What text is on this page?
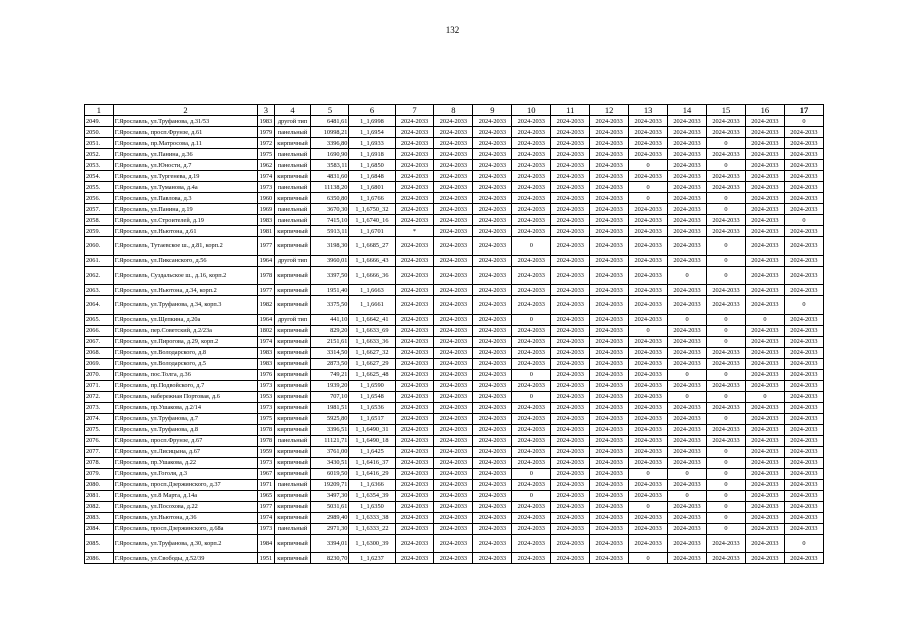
132
1	2	3	4	5	6	7	8	9	10	11	12	13	14	15	16	17
2049.	Г.Ярославль, ул.Труфанова, д.31/53	1983	другой тип	6481,61	1_1,6998	2024-2033	2024-2033	2024-2033	2024-2033	2024-2033	2024-2033	2024-2033	2024-2033	2024-2033	2024-2033	0
2050.	Г.Ярославль, просп.Фрунзе, д.61	1979	панельный	10998,21	1_1,6954	2024-2033	2024-2033	2024-2033	2024-2033	2024-2033	2024-2033	2024-2033	2024-2033	2024-2033	2024-2033	2024-2033
2051.	Г.Ярославль, пр.Матросова, д.11	1972	кирпичный	3396,80	1_1,6933	2024-2033	2024-2033	2024-2033	2024-2033	2024-2033	2024-2033	2024-2033	2024-2033	0	2024-2033	2024-2033
2052.	Г.Ярославль, ул.Панина, д.36	1975	панельный	1690,90	1_1,6918	2024-2033	2024-2033	2024-2033	2024-2033	2024-2033	2024-2033	2024-2033	2024-2033	2024-2033	2024-2033	2024-2033
2053.	Г.Ярославль, ул.Юности, д.7	1962	панельный	3583,11	1_1,6850	2024-2033	2024-2033	2024-2033	2024-2033	2024-2033	2024-2033	0	2024-2033	0	2024-2033	2024-2033
2054.	Г.Ярославль, ул.Тургенева, д.19	1974	кирпичный	4831,60	1_1,6848	2024-2033	2024-2033	2024-2033	2024-2033	2024-2033	2024-2033	2024-2033	2024-2033	2024-2033	2024-2033	2024-2033
2055.	Г.Ярославль, ул.Туманова, д.4а	1973	панельный	11138,20	1_1,6801	2024-2033	2024-2033	2024-2033	2024-2033	2024-2033	2024-2033	0	2024-2033	2024-2033	2024-2033	2024-2033
2056.	Г.Ярославль, ул.Павлова, д.3	1960	кирпичный	6350,80	1_1,6766	2024-2033	2024-2033	2024-2033	2024-2033	2024-2033	2024-2033	0	2024-2033	0	2024-2033	2024-2033
2057.	Г.Ярославль, ул.Панина, д.19	1969	панельный	3670,30	1_1,6750_32	2024-2033	2024-2033	2024-2033	2024-2033	2024-2033	2024-2033	2024-2033	2024-2033	0	2024-2033	2024-2033
2058.	Г.Ярославль, ул.Строителей, д.19	1983	панельный	7415,10	1_1,6740_16	2024-2033	2024-2033	2024-2033	2024-2033	2024-2033	2024-2033	2024-2033	2024-2033	2024-2033	2024-2033	0
2059.	Г.Ярославль, ул.Ньютона, д.61	1981	кирпичный	5913,11	1_1,6701	*	2024-2033	2024-2033	2024-2033	2024-2033	2024-2033	2024-2033	2024-2033	2024-2033	2024-2033	2024-2033
2060.	Г.Ярославль, Тутаевское ш., д.81, корп.2	1977	кирпичный	3198,30	1_1,6685_27	2024-2033	2024-2033	2024-2033	0	2024-2033	2024-2033	2024-2033	2024-2033	0	2024-2033	2024-2033
2061.	Г.Ярославль, ул.Пиксанского, д.56	1964	другой тип	3960,01	1_1,6666_43	2024-2033	2024-2033	2024-2033	2024-2033	2024-2033	2024-2033	2024-2033	2024-2033	0	2024-2033	2024-2033
2062.	Г.Ярославль, Суздальское ш., д.16, корп.2	1978	кирпичный	3397,50	1_1,6666_36	2024-2033	2024-2033	2024-2033	2024-2033	2024-2033	2024-2033	2024-2033	0	0	2024-2033	2024-2033
2063.	Г.Ярославль, ул.Ньютона, д.34, корп.2	1977	кирпичный	1951,40	1_1,6663	2024-2033	2024-2033	2024-2033	2024-2033	2024-2033	2024-2033	2024-2033	2024-2033	2024-2033	2024-2033	2024-2033
2064.	Г.Ярославль, ул.Труфанова, д.34, корп.3	1982	кирпичный	3375,50	1_1,6661	2024-2033	2024-2033	2024-2033	2024-2033	2024-2033	2024-2033	2024-2033	2024-2033	2024-2033	2024-2033	0
2065.	Г.Ярославль, ул.Щепкина, д.20а	1964	другой тип	441,10	1_1,6642_41	2024-2033	2024-2033	2024-2033	0	2024-2033	2024-2033	2024-2033	0	0	0	2024-2033
2066.	Г.Ярославль, пер.Советский, д.2/23а	1802	кирпичный	829,20	1_1,6633_69	2024-2033	2024-2033	2024-2033	2024-2033	2024-2033	2024-2033	0	2024-2033	0	2024-2033	2024-2033
2067.	Г.Ярославль, ул.Пирогова, д.29, корп.2	1974	кирпичный	2151,61	1_1,6633_36	2024-2033	2024-2033	2024-2033	2024-2033	2024-2033	2024-2033	2024-2033	2024-2033	0	2024-2033	2024-2033
2068.	Г.Ярославль, ул.Володарского, д.8	1983	кирпичный	3314,50	1_1,6627_32	2024-2033	2024-2033	2024-2033	2024-2033	2024-2033	2024-2033	2024-2033	2024-2033	2024-2033	2024-2033	2024-2033
2069.	Г.Ярославль, ул.Володарского, д.5	1983	кирпичный	2873,50	1_1,6627_29	2024-2033	2024-2033	2024-2033	2024-2033	2024-2033	2024-2033	2024-2033	2024-2033	2024-2033	2024-2033	2024-2033
2070.	Г.Ярославль, пос.Толга, д.36	1976	кирпичный	749,21	1_1,6625_48	2024-2033	2024-2033	2024-2033	0	2024-2033	2024-2033	2024-2033	0	0	2024-2033	2024-2033
2071.	Г.Ярославль, пр.Подвойского, д.7	1973	кирпичный	1939,20	1_1,6590	2024-2033	2024-2033	2024-2033	2024-2033	2024-2033	2024-2033	2024-2033	2024-2033	2024-2033	2024-2033	2024-2033
2072.	Г.Ярославль, набережная Портовая, д.6	1953	кирпичный	707,10	1_1,6548	2024-2033	2024-2033	2024-2033	0	2024-2033	2024-2033	2024-2033	0	0	0	2024-2033
2073.	Г.Ярославль, пр.Ушакова, д.2/14	1973	кирпичный	1981,51	1_1,6536	2024-2033	2024-2033	2024-2033	2024-2033	2024-2033	2024-2033	2024-2033	2024-2033	2024-2033	2024-2033	2024-2033
2074.	Г.Ярославль, ул.Труфанова, д.7	1975	кирпичный	5925,80	1_1,6517	2024-2033	2024-2033	2024-2033	2024-2033	2024-2033	2024-2033	2024-2033	2024-2033	0	2024-2033	2024-2033
2075.	Г.Ярославль, ул.Труфанова, д.8	1978	кирпичный	3396,51	1_1,6490_31	2024-2033	2024-2033	2024-2033	2024-2033	2024-2033	2024-2033	2024-2033	2024-2033	2024-2033	2024-2033	2024-2033
2076.	Г.Ярославль, просп.Фрунзе, д.67	1978	панельный	11121,71	1_1,6490_18	2024-2033	2024-2033	2024-2033	2024-2033	2024-2033	2024-2033	2024-2033	2024-2033	2024-2033	2024-2033	2024-2033
2077.	Г.Ярославль, ул.Лисицына, д.67	1959	кирпичный	3761,00	1_1,6425	2024-2033	2024-2033	2024-2033	2024-2033	2024-2033	2024-2033	2024-2033	2024-2033	0	2024-2033	2024-2033
2078.	Г.Ярославль, пр.Ушакова, д.22	1973	кирпичный	3430,51	1_1,6416_37	2024-2033	2024-2033	2024-2033	2024-2033	2024-2033	2024-2033	2024-2033	2024-2033	0	2024-2033	2024-2033
2079.	Г.Ярославль, ул.Гоголя, д.3	1967	кирпичный	6019,50	1_1,6416_29	2024-2033	2024-2033	2024-2033	0	2024-2033	2024-2033	0	0	0	2024-2033	2024-2033
2080.	Г.Ярославль, просп.Дзержинского, д.37	1971	панельный	19209,71	1_1,6366	2024-2033	2024-2033	2024-2033	2024-2033	2024-2033	2024-2033	2024-2033	2024-2033	0	2024-2033	2024-2033
2081.	Г.Ярославль, ул.8 Марта, д.14а	1965	кирпичный	3497,30	1_1,6354_39	2024-2033	2024-2033	2024-2033	0	2024-2033	2024-2033	2024-2033	0	0	2024-2033	2024-2033
2082.	Г.Ярославль, ул.Посохова, д.22	1977	кирпичный	5031,61	1_1,6350	2024-2033	2024-2033	2024-2033	2024-2033	2024-2033	2024-2033	0	2024-2033	0	2024-2033	2024-2033
2083.	Г.Ярославль, ул.Ньютона, д.36	1974	кирпичный	2989,40	1_1,6333_38	2024-2033	2024-2033	2024-2033	2024-2033	2024-2033	2024-2033	2024-2033	2024-2033	0	2024-2033	2024-2033
2084.	Г.Ярославль, просп.Дзержинского, д.68а	1973	панельный	2971,30	1_1,6333_22	2024-2033	2024-2033	2024-2033	2024-2033	2024-2033	2024-2033	2024-2033	2024-2033	0	2024-2033	2024-2033
2085.	Г.Ярославль, ул.Труфанова, д.30, корп.2	1984	кирпичный	3394,01	1_1,6300_39	2024-2033	2024-2033	2024-2033	2024-2033	2024-2033	2024-2033	2024-2033	2024-2033	2024-2033	2024-2033	0
2086.	Г.Ярославль, ул.Свободы, д.52/39	1951	кирпичный	8230,70	1_1,6237	2024-2033	2024-2033	2024-2033	2024-2033	2024-2033	2024-2033	0	2024-2033	2024-2033	2024-2033	2024-2033
